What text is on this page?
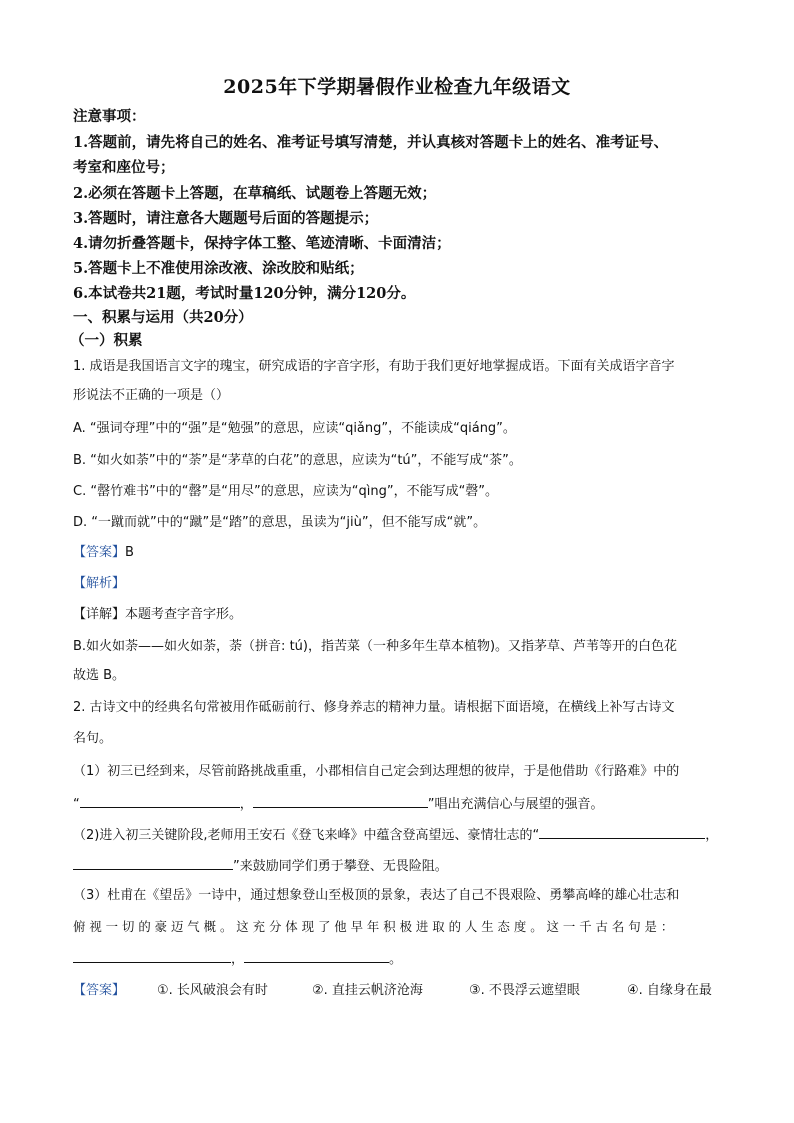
2025年下学期暑假作业检查九年级语文
注意事项：
1.答题前，请先将自己的姓名、准考证号填写清楚，并认真核对答题卡上的姓名、准考证号、
考室和座位号；
2.必须在答题卡上答题，在草稿纸、试题卷上答题无效；
3.答题时，请注意各大题题号后面的答题提示；
4.请勿折叠答题卡，保持字体工整、笔迹清晰、卡面清洁；
5.答题卡上不准使用涂改液、涂改胶和贴纸；
6.本试卷共21题，考试时量120分钟，满分120分。
一、积累与运用（共20分）
（一）积累
1. 成语是我国语言文字的瑰宝，研究成语的字音字形，有助于我们更好地掌握成语。下面有关成语字音字
形说法不正确的一项是（）
A. “强词夺理”中的“强”是“勉强”的意思，应读“qiǎng”，不能读成“qiáng”。
B. “如火如荼”中的“荼”是“茅草的白花”的意思，应读为“tú”，不能写成“茶”。
C. “罄竹难书”中的“罄”是“用尽”的意思，应读为“qìng”，不能写成“磬”。
D. “一蹴而就”中的“蹴”是“踏”的意思，虽读为“jiù”，但不能写成“就”。
【答案】B
【解析】
【详解】本题考查字音字形。
B.如火如荼——如火如荼，荼（拼音: tú)，指苦菜（一种多年生草本植物)。又指茅草、芦苇等开的白色花
故选 B。
2. 古诗文中的经典名句常被用作砥砺前行、修身养志的精神力量。请根据下面语境，在横线上补写古诗文
名句。
（1）初三已经到来，尽管前路挑战重重，小郡相信自己定会到达理想的彼岸，于是他借助《行路难》中的
“	，	”唱出充满信心与展望的强音。
（2)进入初三关键阶段,老师用王安石《登飞来峰》中蕴含登高望远、豪情壮志的“	，
”来鼓励同学们勇于攀登、无畏险阻。
（3）杜甫在《望岳》一诗中，通过想象登山至极顶的景象，表达了自己不畏艰险、勇攀高峰的雄心壮志和
俯 视 一 切 的 豪 迈 气 概 。 这 充 分 体 现 了 他 早 年 积 极 进 取 的 人 生 态 度 。 这 一 千 古 名 句 是 ：
，	。
【答案】 ①. 长风破浪会有时	②. 直挂云帆济沧海	③. 不畏浮云遮望眼	④. 自缘身在最
